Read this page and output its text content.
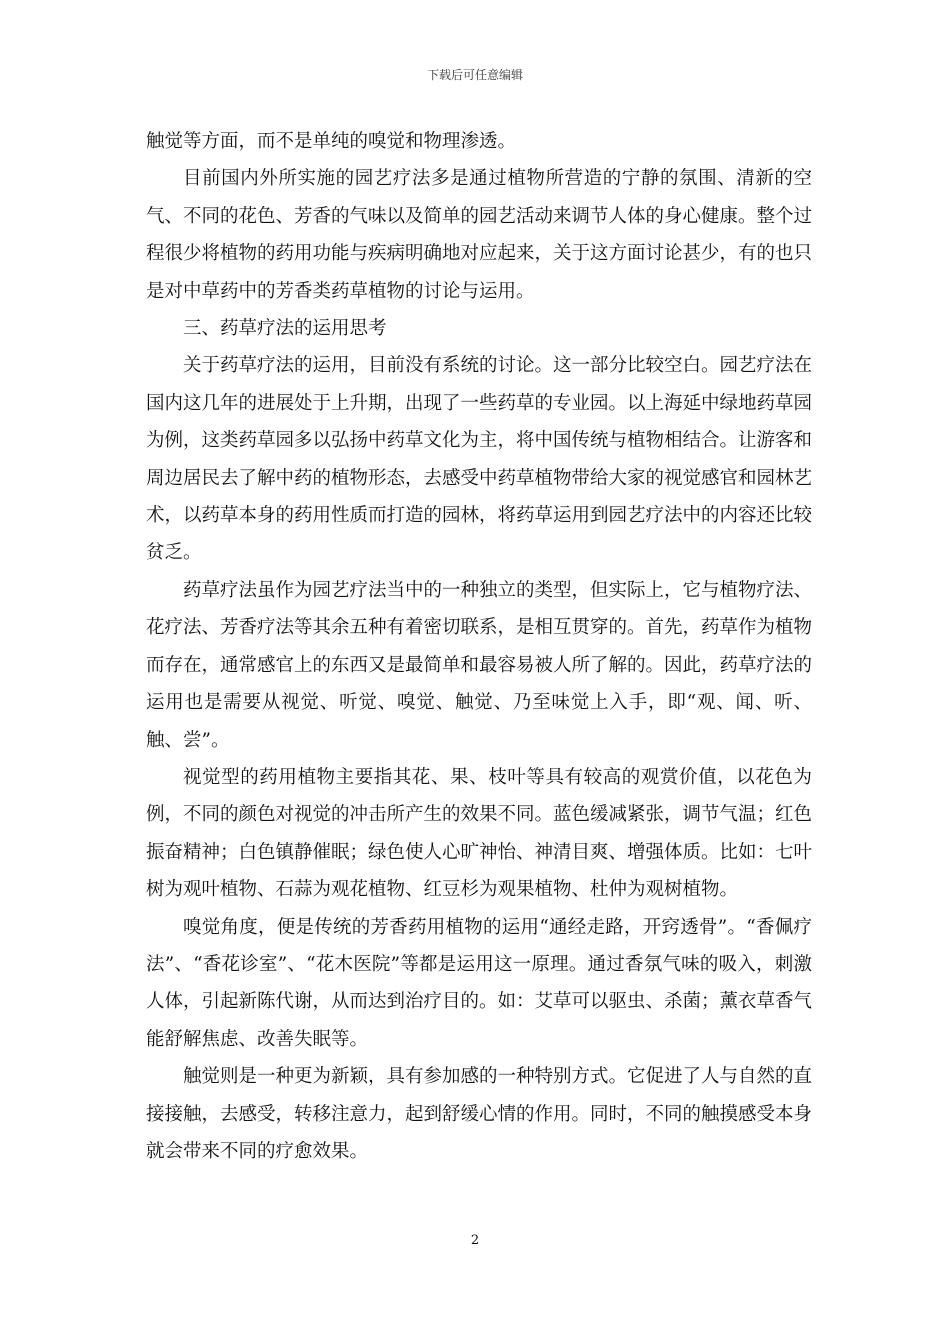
下载后可任意编辑

触觉等方面，而不是单纯的嗅觉和物理渗透。

目前国内外所实施的园艺疗法多是通过植物所营造的宁静的氛围、清新的空气、不同的花色、芳香的气味以及简单的园艺活动来调节人体的身心健康。整个过程很少将植物的药用功能与疾病明确地对应起来，关于这方面讨论甚少，有的也只是对中草药中的芳香类药草植物的讨论与运用。

三、药草疗法的运用思考

关于药草疗法的运用，目前没有系统的讨论。这一部分比较空白。园艺疗法在国内这几年的进展处于上升期，出现了一些药草的专业园。以上海延中绿地药草园为例，这类药草园多以弘扬中药草文化为主，将中国传统与植物相结合。让游客和周边居民去了解中药的植物形态，去感受中药草植物带给大家的视觉感官和园林艺术，以药草本身的药用性质而打造的园林，将药草运用到园艺疗法中的内容还比较贫乏。

药草疗法虽作为园艺疗法当中的一种独立的类型，但实际上，它与植物疗法、花疗法、芳香疗法等其余五种有着密切联系，是相互贯穿的。首先，药草作为植物而存在，通常感官上的东西又是最简单和最容易被人所了解的。因此，药草疗法的运用也是需要从视觉、听觉、嗅觉、触觉、乃至味觉上入手，即“观、闻、听、触、尝”。

视觉型的药用植物主要指其花、果、枝叶等具有较高的观赏价值，以花色为例，不同的颜色对视觉的冲击所产生的效果不同。蓝色缓减紧张，调节气温；红色振奋精神；白色镇静催眠；绿色使人心旷神怡、神清目爽、增强体质。比如：七叶树为观叶植物、石蒜为观花植物、红豆杉为观果植物、杜仲为观树植物。

嗅觉角度，便是传统的芳香药用植物的运用“通经走路，开窍透骨”。“香佩疗法”、“香花诊室”、“花木医院”等都是运用这一原理。通过香氛气味的吸入，刺激人体，引起新陈代谢，从而达到治疗目的。如：艾草可以驱虫、杀菌；薰衣草香气能舒解焦虑、改善失眠等。

触觉则是一种更为新颖，具有参加感的一种特别方式。它促进了人与自然的直接接触，去感受，转移注意力，起到舒缓心情的作用。同时，不同的触摸感受本身就会带来不同的疗愈效果。

2
